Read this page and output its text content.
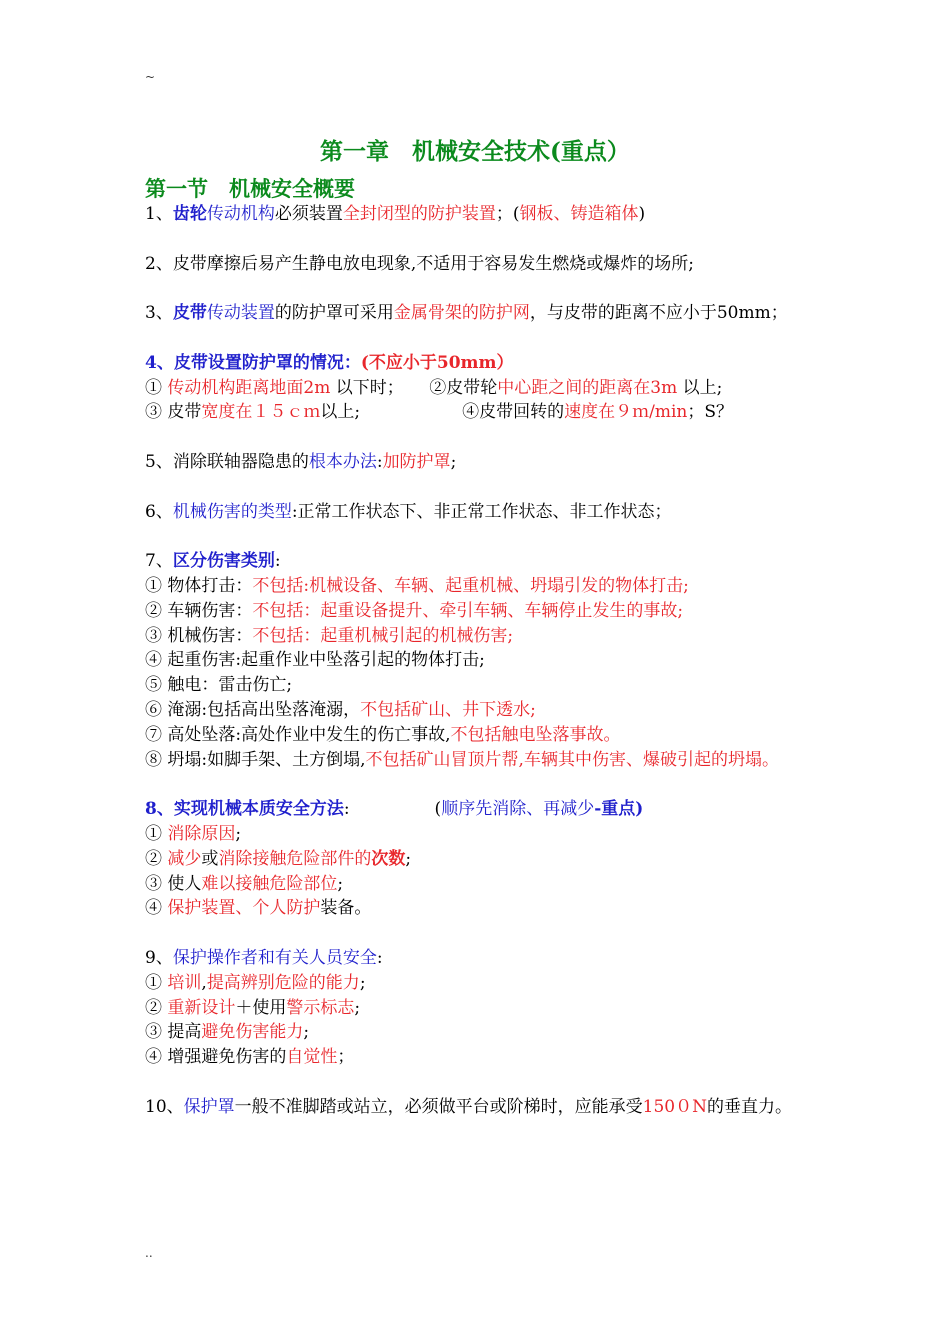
~
第一章　机械安全技术(重点）
第一节　机械安全概要

1、齿轮传动机构必须装置全封闭型的防护装置；(钢板、铸造箱体)

2、皮带摩擦后易产生静电放电现象,不适用于容易发生燃烧或爆炸的场所;

3、皮带传动装置的防护罩可采用金属骨架的防护网，与皮带的距离不应小于50mm；

4、皮带设置防护罩的情况：(不应小于50mm）

① 传动机构距离地面2m 以下时；　　②皮带轮中心距之间的距离在3m 以上;

③ 皮带宽度在１５ｃｍ以上;　　　　　　④皮带回转的速度在９ｍ/min；S？

5、消除联轴器隐患的根本办法:加防护罩;

6、机械伤害的类型:正常工作状态下、非正常工作状态、非工作状态；

7、区分伤害类别:

① 物体打击：不包括:机械设备、车辆、起重机械、坍塌引发的物体打击;

② 车辆伤害：不包括：起重设备提升、牵引车辆、车辆停止发生的事故;

③ 机械伤害：不包括：起重机械引起的机械伤害;

④ 起重伤害:起重作业中坠落引起的物体打击;

⑤ 触电：雷击伤亡;

⑥ 淹溺:包括高出坠落淹溺，不包括矿山、井下透水;

⑦ 高处坠落:高处作业中发生的伤亡事故,不包括触电坠落事故。

⑧ 坍塌:如脚手架、土方倒塌,不包括矿山冒顶片帮,车辆其中伤害、爆破引起的坍塌。

8、实现机械本质安全方法:　　　　　(顺序先消除、再减少-重点)

① 消除原因;

② 减少或消除接触危险部件的次数;

③ 使人难以接触危险部位;

④ 保护装置、个人防护装备。

9、保护操作者和有关人员安全:

① 培训,提高辨别危险的能力;

② 重新设计＋使用警示标志;

③ 提高避免伤害能力;

④ 增强避免伤害的自觉性；

10、保护罩一般不准脚踏或站立，必须做平台或阶梯时，应能承受150０N的垂直力。

..
